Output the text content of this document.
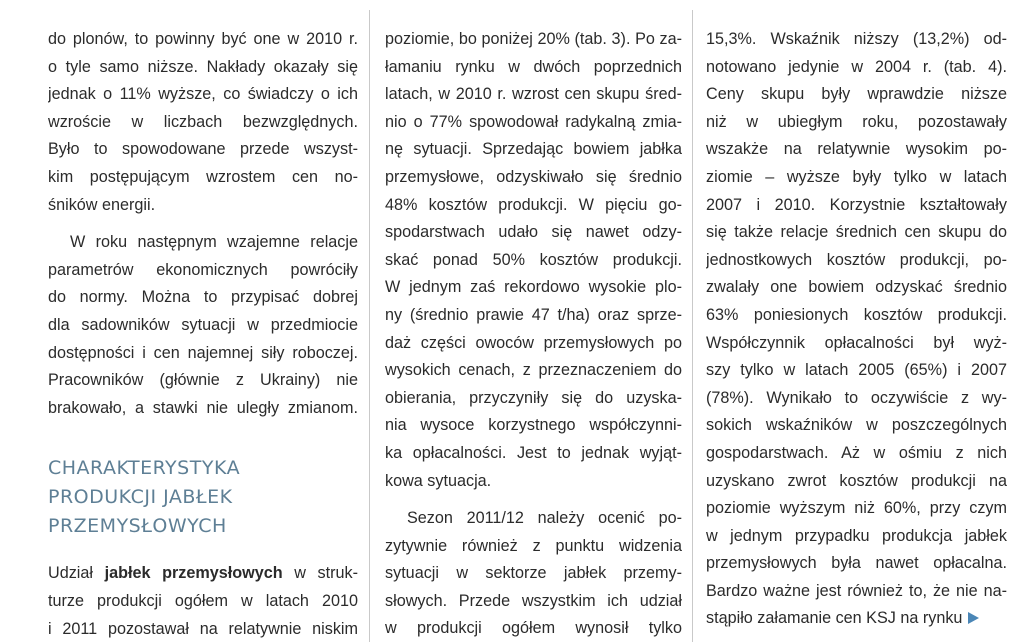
do plonów, to powinny być one w 2010 r.
o tyle samo niższe. Nakłady okazały się
jednak o 11% wyższe, co świadczy o ich
wzroście w liczbach bezwzględnych.
Było to spowodowane przede wszyst-
kim postępującym wzrostem cen no-
śników energii.
W roku następnym wzajemne relacje
parametrów ekonomicznych powróciły
do normy. Można to przypisać dobrej
dla sadowników sytuacji w przedmiocie
dostępności i cen najemnej siły roboczej.
Pracowników (głównie z Ukrainy) nie
brakowało, a stawki nie uległy zmianom.
CHARAKTERYSTYKA
PRODUKCJI JABŁEK
PRZEMYSŁOWYCH
Udział jabłek przemysłowych w struk-
turze produkcji ogółem w latach 2010
i 2011 pozostawał na relatywnie niskim
poziomie, bo poniżej 20% (tab. 3). Po za-
łamaniu rynku w dwóch poprzednich
latach, w 2010 r. wzrost cen skupu śred-
nio o 77% spowodował radykalną zmia-
nę sytuacji. Sprzedając bowiem jabłka
przemysłowe, odzyskiwało się średnio
48% kosztów produkcji. W pięciu go-
spodarstwach udało się nawet odzy-
skać ponad 50% kosztów produkcji.
W jednym zaś rekordowo wysokie plo-
ny (średnio prawie 47 t/ha) oraz sprze-
daż części owoców przemysłowych po
wysokich cenach, z przeznaczeniem do
obierania, przyczyniły się do uzyska-
nia wysoce korzystnego współczynni-
ka opłacalności. Jest to jednak wyjąt-
kowa sytuacja.
Sezon 2011/12 należy ocenić po-
zytywnie również z punktu widzenia
sytuacji w sektorze jabłek przemy-
słowych. Przede wszystkim ich udział
w produkcji ogółem wynosił tylko
15,3%. Wskaźnik niższy (13,2%) od-
notowano jedynie w 2004 r. (tab. 4).
Ceny skupu były wprawdzie niższe
niż w ubiegłym roku, pozostawały
wszakże na relatywnie wysokim po-
ziomie – wyższe były tylko w latach
2007 i 2010. Korzystnie kształtowały
się także relacje średnich cen skupu do
jednostkowych kosztów produkcji, po-
zwalały one bowiem odzyskać średnio
63% poniesionych kosztów produkcji.
Współczynnik opłacalności był wyż-
szy tylko w latach 2005 (65%) i 2007
(78%). Wynikało to oczywiście z wy-
sokich wskaźników w poszczególnych
gospodarstwach. Aż w ośmiu z nich
uzyskano zwrot kosztów produkcji na
poziomie wyższym niż 60%, przy czym
w jednym przypadku produkcja jabłek
przemysłowych była nawet opłacalna.
Bardzo ważne jest również to, że nie na-
stąpiło załamanie cen KSJ na rynku
